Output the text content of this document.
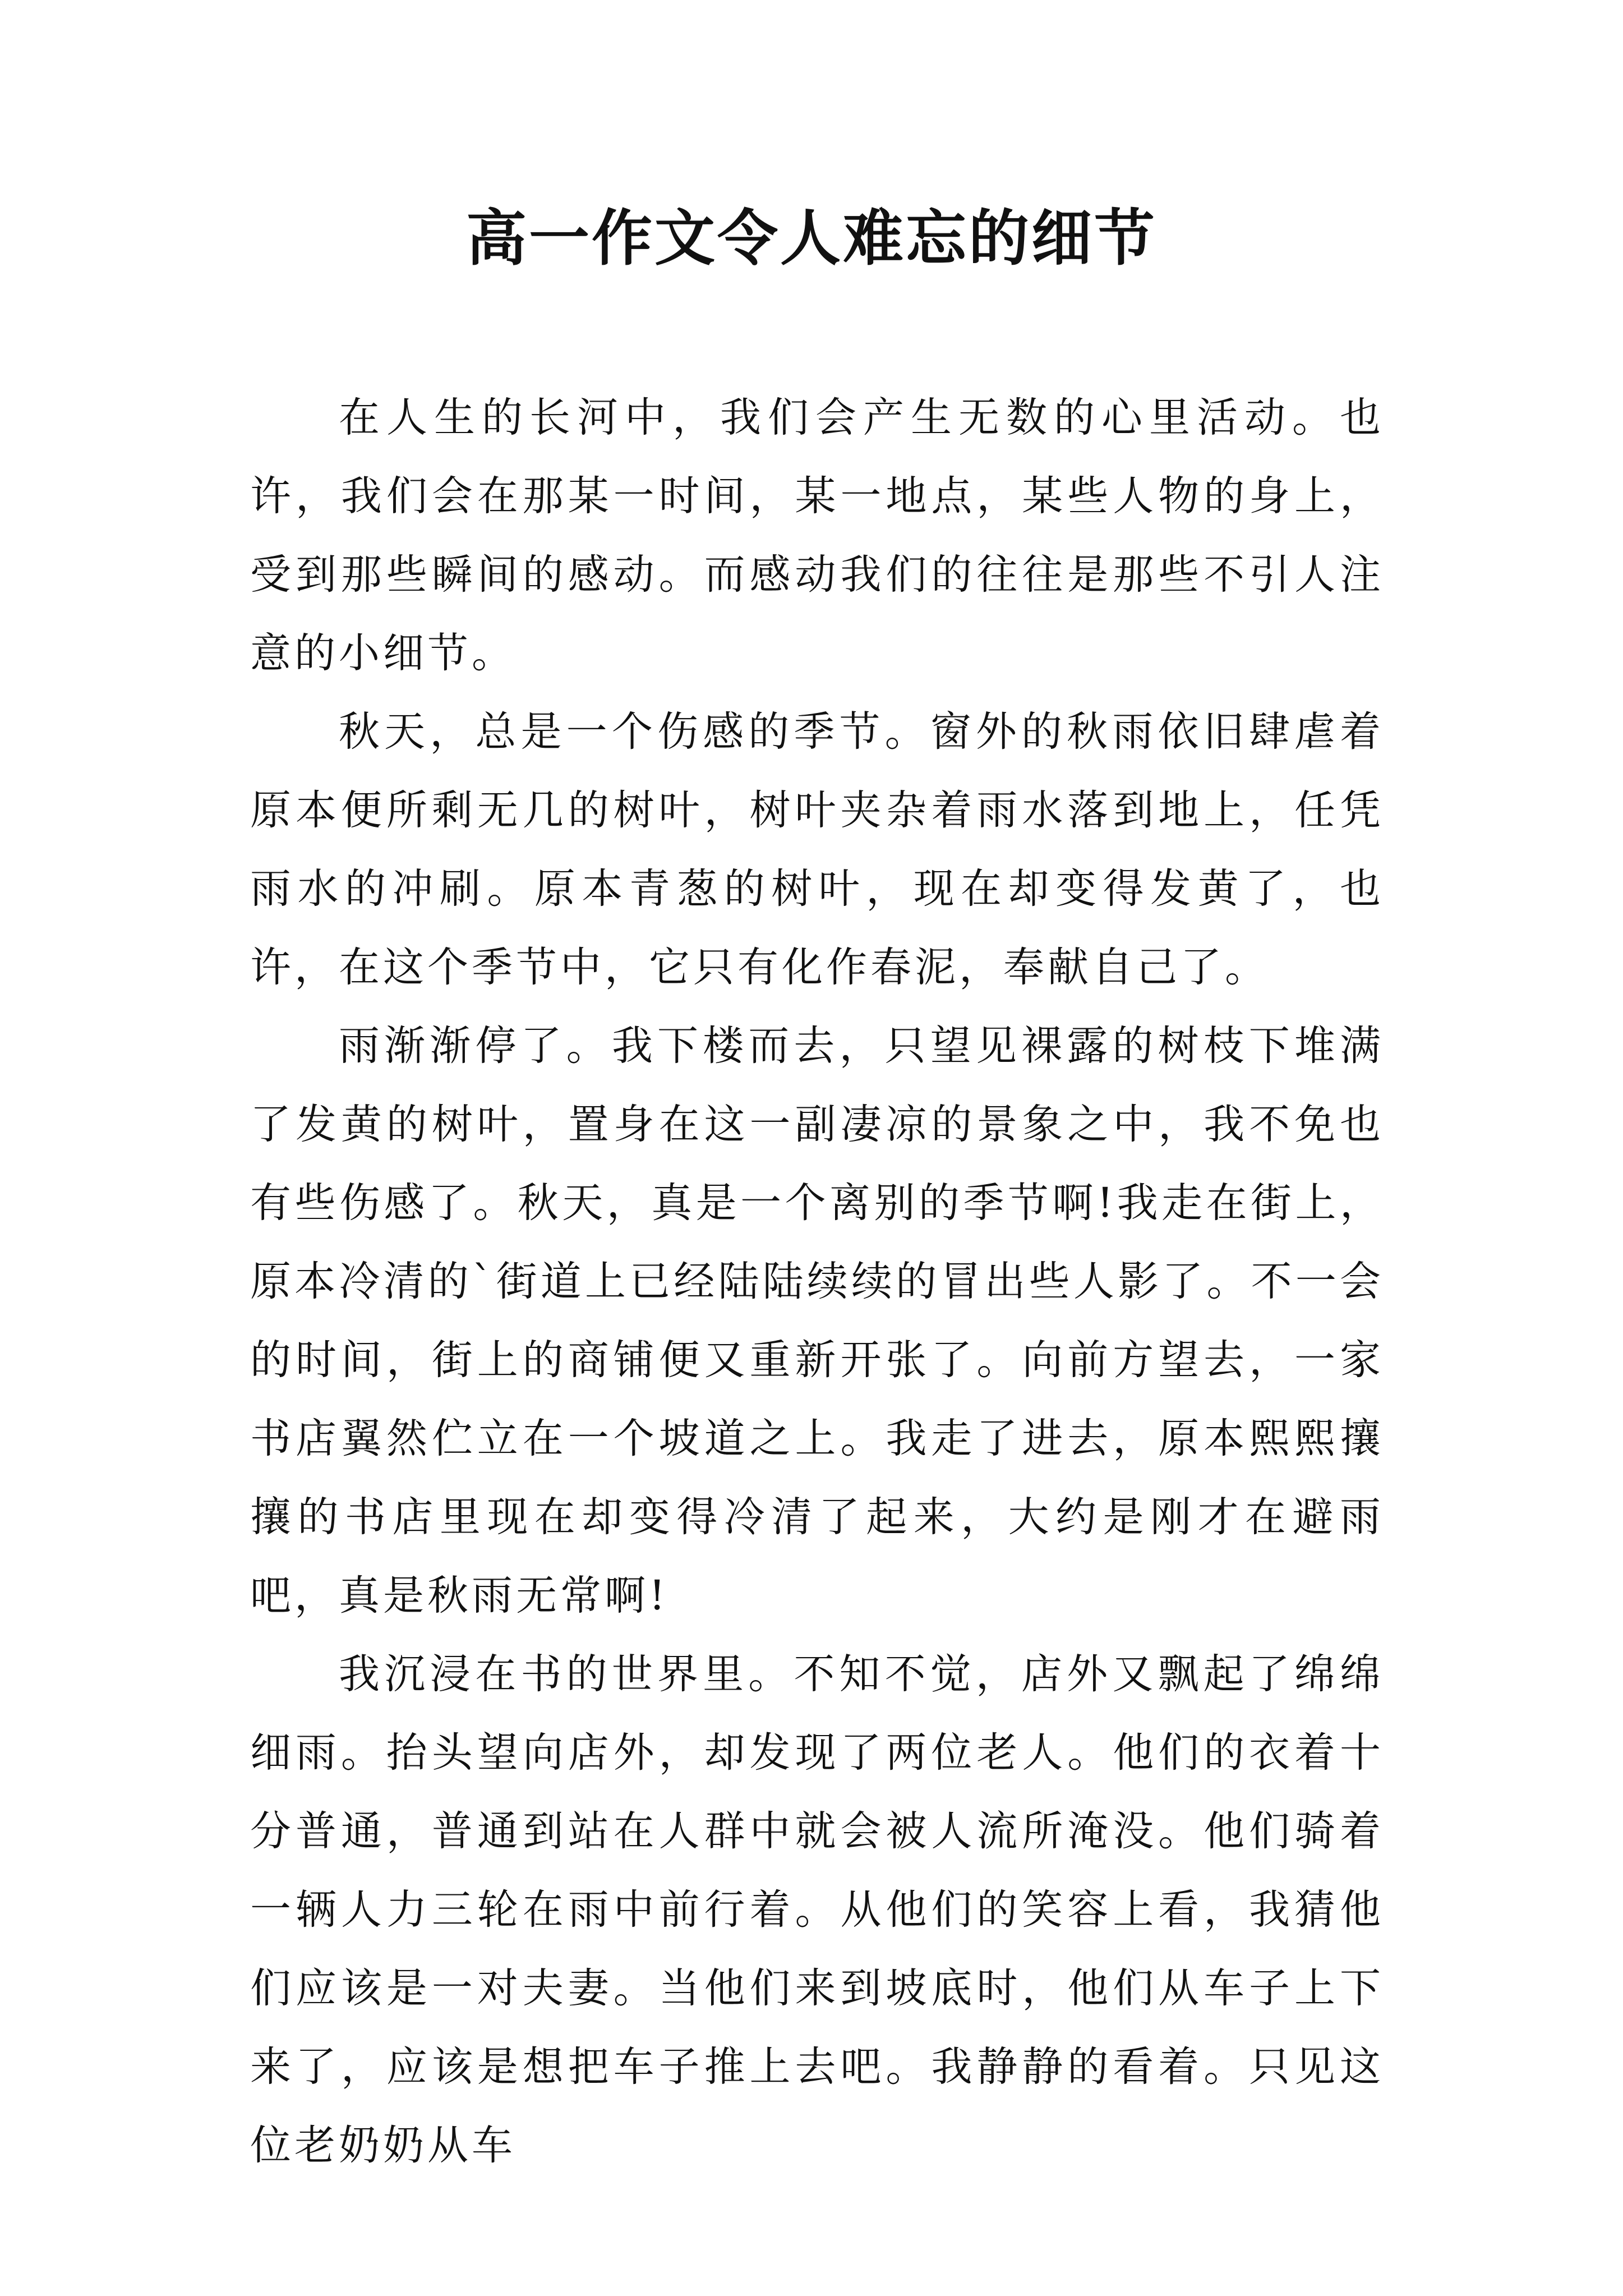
高一作文令人难忘的细节

在人生的长河中，我们会产生无数的心里活动。也许，我们会在那某一时间，某一地点，某些人物的身上，受到那些瞬间的感动。而感动我们的往往是那些不引人注意的小细节。

秋天，总是一个伤感的季节。窗外的秋雨依旧肆虐着原本便所剩无几的树叶，树叶夹杂着雨水落到地上，任凭雨水的冲刷。原本青葱的树叶，现在却变得发黄了，也许，在这个季节中，它只有化作春泥，奉献自己了。

雨渐渐停了。我下楼而去，只望见裸露的树枝下堆满了发黄的树叶，置身在这一副凄凉的景象之中，我不免也有些伤感了。秋天，真是一个离别的季节啊!我走在街上，原本冷清的`街道上已经陆陆续续的冒出些人影了。不一会的时间，街上的商铺便又重新开张了。向前方望去，一家书店翼然伫立在一个坡道之上。我走了进去，原本熙熙攘攘的书店里现在却变得冷清了起来，大约是刚才在避雨吧，真是秋雨无常啊!

我沉浸在书的世界里。不知不觉，店外又飘起了绵绵细雨。抬头望向店外，却发现了两位老人。他们的衣着十分普通，普通到站在人群中就会被人流所淹没。他们骑着一辆人力三轮在雨中前行着。从他们的笑容上看，我猜他们应该是一对夫妻。当他们来到坡底时，他们从车子上下来了，应该是想把车子推上去吧。我静静的看着。只见这位老奶奶从车
